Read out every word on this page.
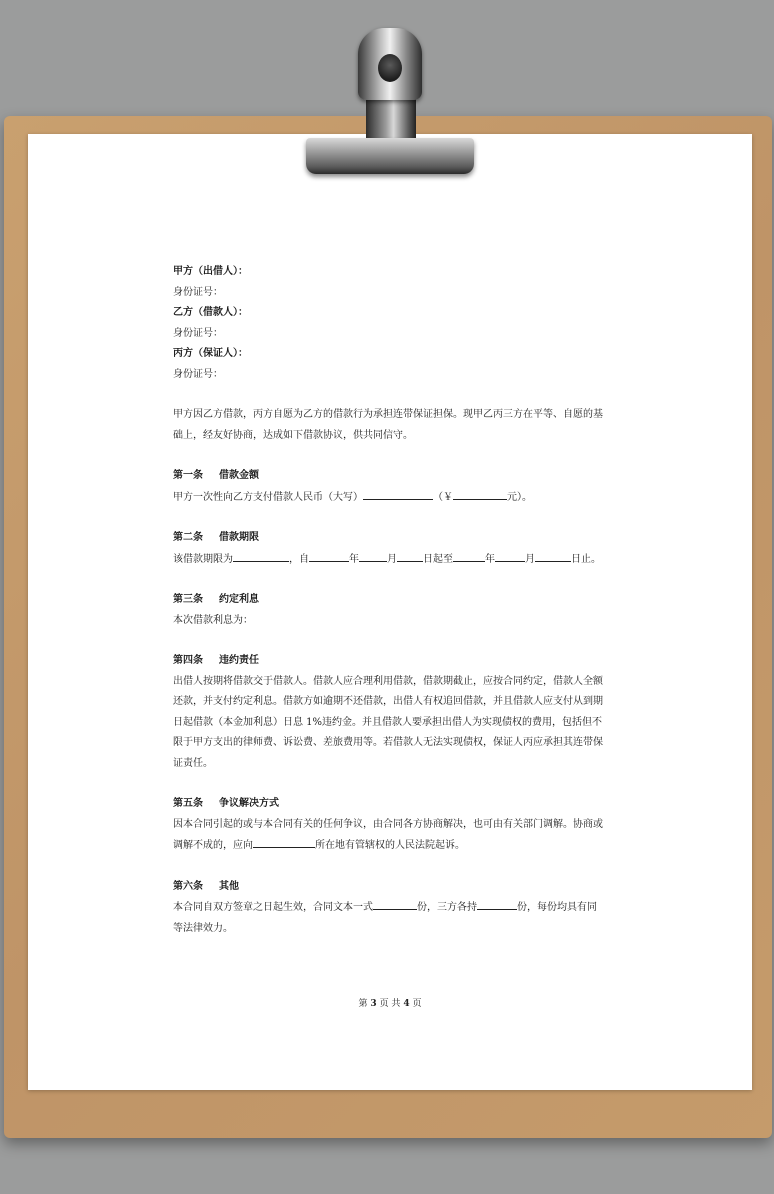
甲方（出借人）：

身份证号：

乙方（借款人）：

身份证号：

丙方（保证人）：

身份证号：

甲方因乙方借款，丙方自愿为乙方的借款行为承担连带保证担保。现甲乙丙三方在平等、自愿的基础上，经友好协商，达成如下借款协议，供共同信守。

第一条 借款金额

甲方一次性向乙方支付借款人民币（大写）	（￥	元）。

第二条 借款期限

该借款期限为	，自	年	月	日起至	年	月	日止。

第三条 约定利息

本次借款利息为：

第四条 违约责任

出借人按期将借款交于借款人。借款人应合理利用借款，借款期截止，应按合同约定，借款人全额还款，并支付约定利息。借款方如逾期不还借款，出借人有权追回借款，并且借款人应支付从到期日起借款（本金加利息）日息 1%违约金。并且借款人要承担出借人为实现债权的费用，包括但不限于甲方支出的律师费、诉讼费、差旅费用等。若借款人无法实现债权，保证人丙应承担其连带保证责任。

第五条 争议解决方式

因本合同引起的或与本合同有关的任何争议，由合同各方协商解决，也可由有关部门调解。协商或调解不成的，应向	所在地有管辖权的人民法院起诉。

第六条 其他

本合同自双方签章之日起生效，合同文本一式	份，三方各持	份，每份均具有同等法律效力。

第 3 页 共 4 页
